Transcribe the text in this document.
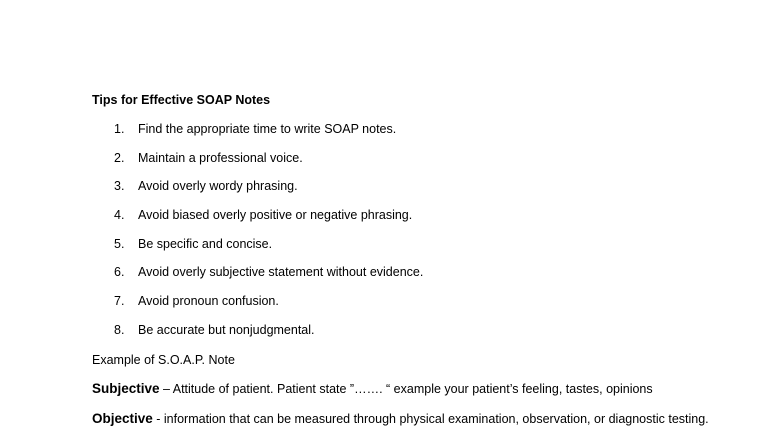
Tips for Effective SOAP Notes
1. Find the appropriate time to write SOAP notes.
2. Maintain a professional voice.
3. Avoid overly wordy phrasing.
4. Avoid biased overly positive or negative phrasing.
5. Be specific and concise.
6. Avoid overly subjective statement without evidence.
7. Avoid pronoun confusion.
8. Be accurate but nonjudgmental.
Example of S.O.A.P. Note
Subjective – Attitude of patient. Patient state ”……. “ example your patient’s feeling, tastes, opinions
Objective - information that can be measured through physical examination, observation, or diagnostic testing.
